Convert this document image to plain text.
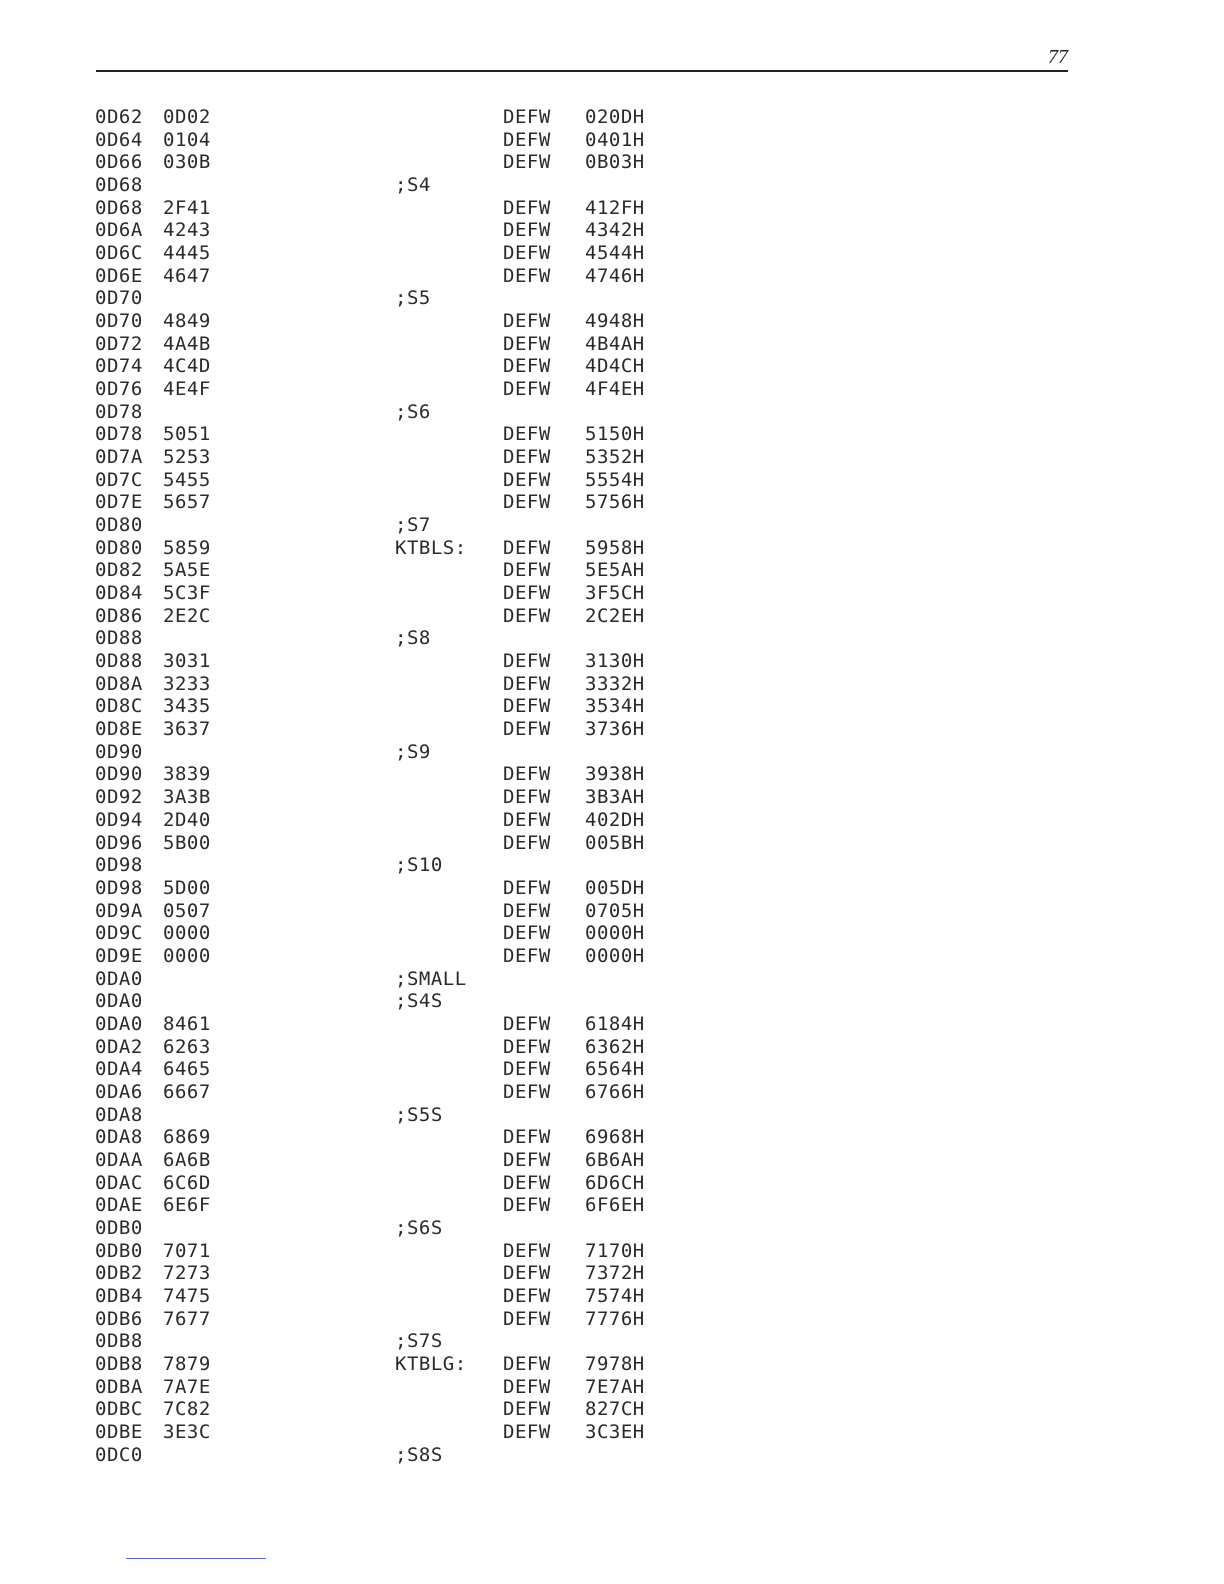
77
0D62 0D02	DEFW 020DH
0D64 0104	DEFW 0401H
0D66 030B	DEFW 0B03H
0D68	;S4
0D68 2F41	DEFW 412FH
0D6A 4243	DEFW 4342H
0D6C 4445	DEFW 4544H
0D6E 4647	DEFW 4746H
0D70	;S5
0D70 4849	DEFW 4948H
0D72 4A4B	DEFW 4B4AH
0D74 4C4D	DEFW 4D4CH
0D76 4E4F	DEFW 4F4EH
0D78	;S6
0D78 5051	DEFW 5150H
0D7A 5253	DEFW 5352H
0D7C 5455	DEFW 5554H
0D7E 5657	DEFW 5756H
0D80	;S7
0D80 5859	KTBLS: DEFW 5958H
0D82 5A5E	DEFW 5E5AH
0D84 5C3F	DEFW 3F5CH
0D86 2E2C	DEFW 2C2EH
0D88	;S8
0D88 3031	DEFW 3130H
0D8A 3233	DEFW 3332H
0D8C 3435	DEFW 3534H
0D8E 3637	DEFW 3736H
0D90	;S9
0D90 3839	DEFW 3938H
0D92 3A3B	DEFW 3B3AH
0D94 2D40	DEFW 402DH
0D96 5B00	DEFW 005BH
0D98	;S10
0D98 5D00	DEFW 005DH
0D9A 0507	DEFW 0705H
0D9C 0000	DEFW 0000H
0D9E 0000	DEFW 0000H
0DA0	;SMALL
0DA0	;S4S
0DA0 8461	DEFW 6184H
0DA2 6263	DEFW 6362H
0DA4 6465	DEFW 6564H
0DA6 6667	DEFW 6766H
0DA8	;S5S
0DA8 6869	DEFW 6968H
0DAA 6A6B	DEFW 6B6AH
0DAC 6C6D	DEFW 6D6CH
0DAE 6E6F	DEFW 6F6EH
0DB0	;S6S
0DB0 7071	DEFW 7170H
0DB2 7273	DEFW 7372H
0DB4 7475	DEFW 7574H
0DB6 7677	DEFW 7776H
0DB8	;S7S
0DB8 7879	KTBLG: DEFW 7978H
0DBA 7A7E	DEFW 7E7AH
0DBC 7C82	DEFW 827CH
0DBE 3E3C	DEFW 3C3EH
0DC0	;S8S
